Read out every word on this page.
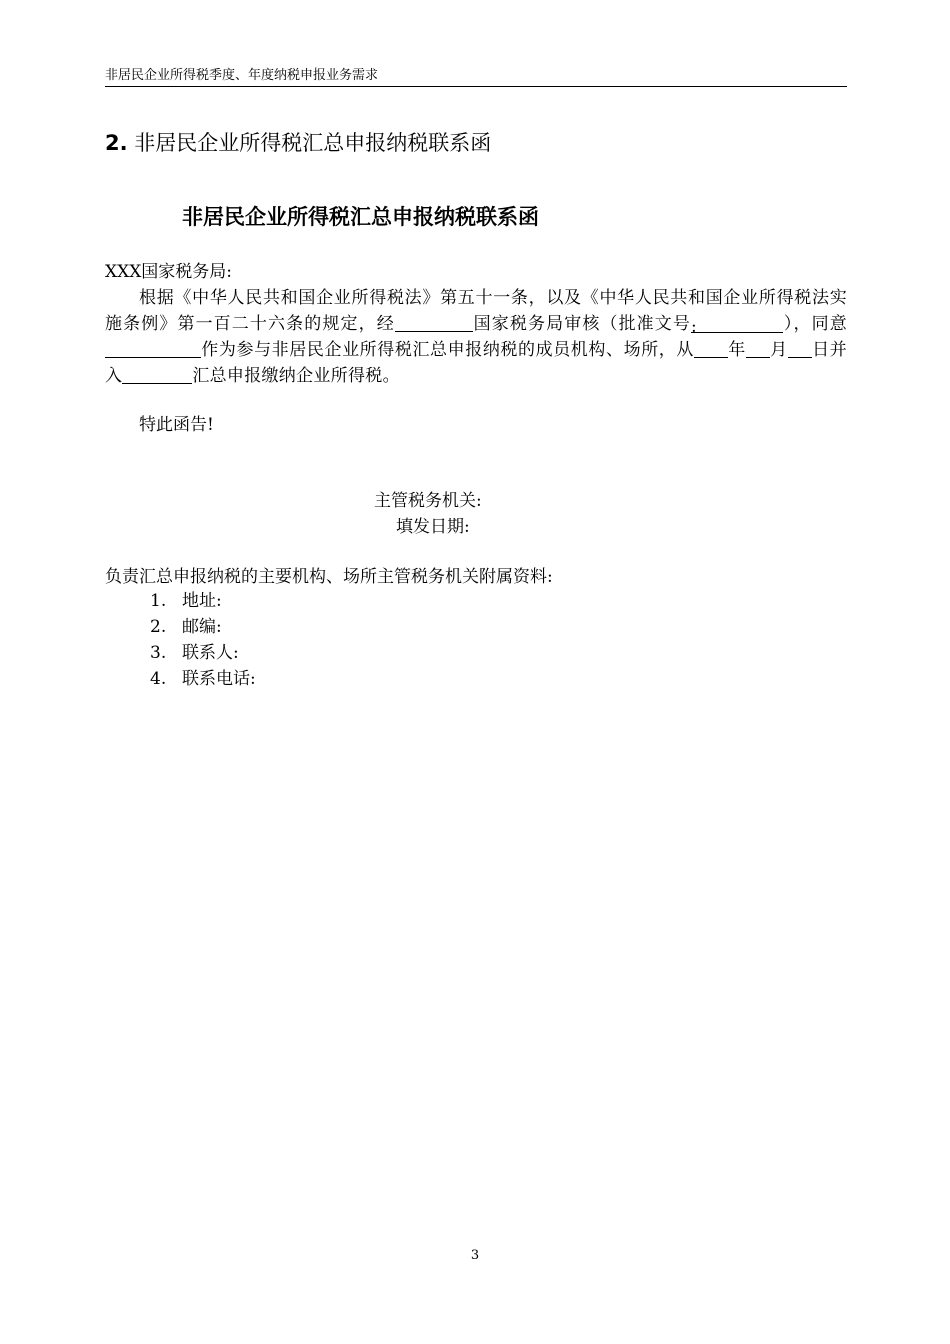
非居民企业所得税季度、年度纳税申报业务需求
2. 非居民企业所得税汇总申报纳税联系函
非居民企业所得税汇总申报纳税联系函
XXX国家税务局:

根据《中华人民共和国企业所得税法》第五十一条，以及《中华人民共和国企业所得税法实施条例》第一百二十六条的规定，经	国家税务局审核（批准文号:	），同意作为参与非居民企业所得税汇总申报纳税的成员机构、场所，从 年 月 日并入	汇总申报缴纳企业所得税。

特此函告!
主管税务机关:
填发日期:
负责汇总申报纳税的主要机构、场所主管税务机关附属资料:
1. 地址:
2. 邮编:
3. 联系人:
4. 联系电话:
3
